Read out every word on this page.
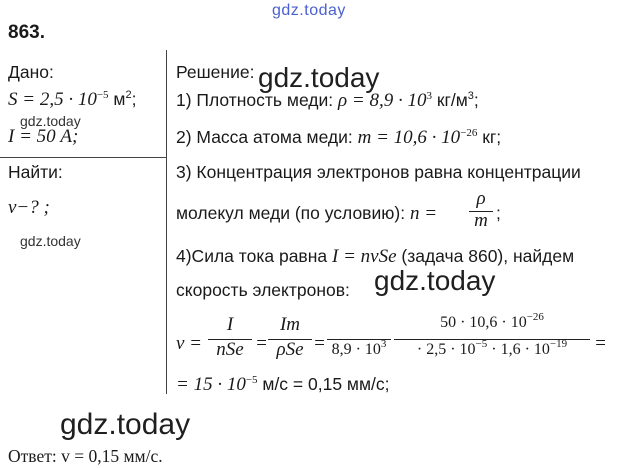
gdz.today
863.
Дано:
$S = 2,5 \cdot 10^{-5}$ $м^2$;
I = 50 А;
Найти:
v−? ;
Решение:
1) Плотность меди: $\rho = 8,9 \cdot 10^3$ $кг/м^3$;
2) Масса атома меди: $m = 10,6 \cdot 10^{-26}$ кг;
3) Концентрация электронов равна концентрации
молекул меди (по условию): n =
ρ
m ;
4)Сила тока равна I = nvSe (задача 860), найдем
скорость электронов:
v =
I
nSe =
Im
$\rho Se = 8,9 \cdot 10^3$
$50 \cdot 10,6 \cdot 10^{-26}$
· $2,5 \cdot 10^{-5} \cdot 1,6 \cdot 10^{-19}$	=
= $15 \cdot 10^{-5}$ м/с = 0,15 мм/с;
Ответ: v = 0,15 мм/с.
gdz.today
gdz.today
gdz.today
gdz.today
gdz.today
